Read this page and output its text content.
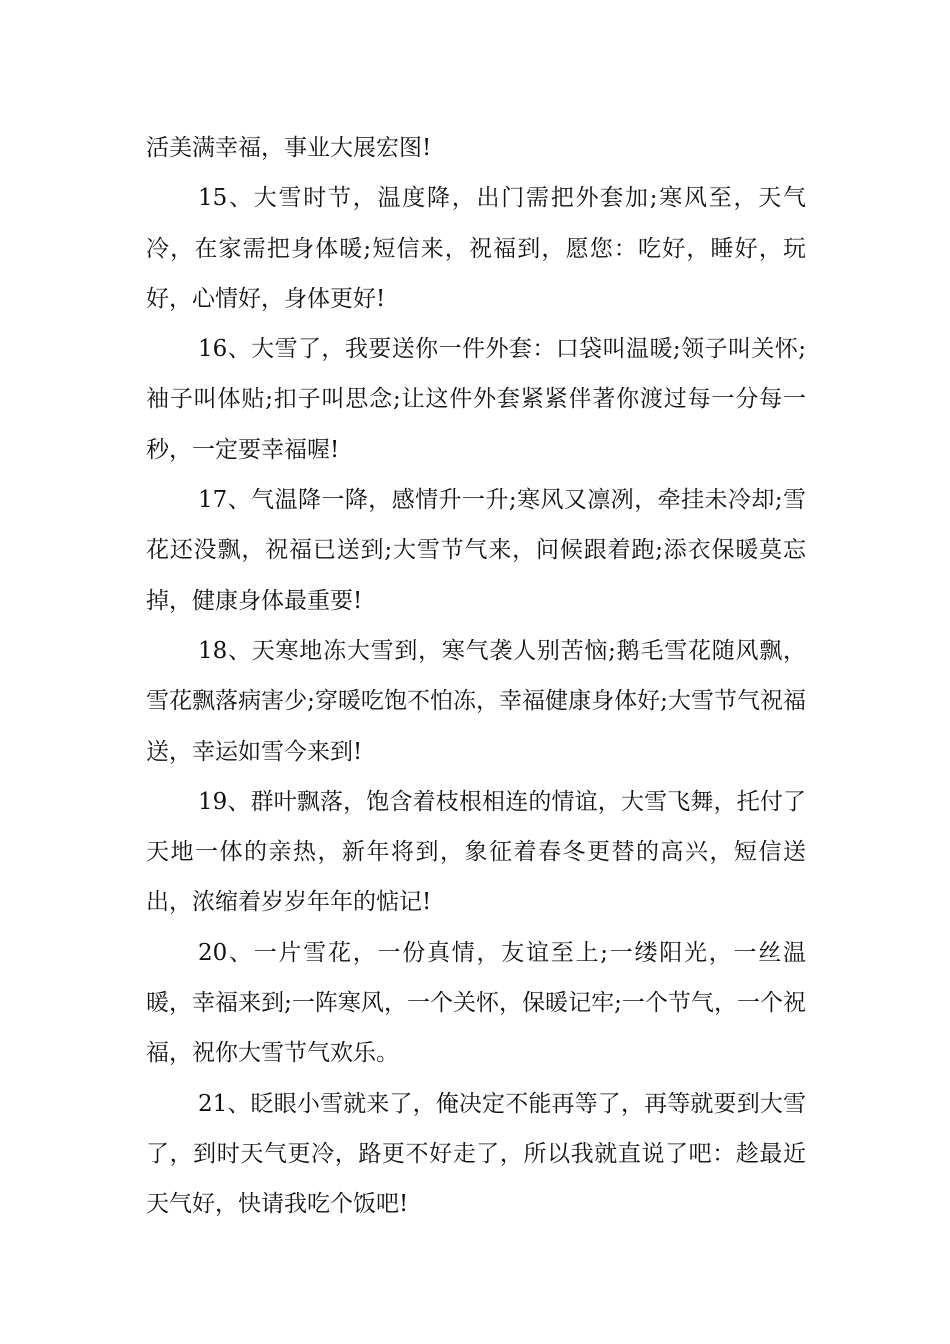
活美满幸福，事业大展宏图!

15、大雪时节，温度降，出门需把外套加;寒风至，天气冷，在家需把身体暖;短信来，祝福到，愿您：吃好，睡好，玩好，心情好，身体更好!

16、大雪了，我要送你一件外套：口袋叫温暖;领子叫关怀;袖子叫体贴;扣子叫思念;让这件外套紧紧伴著你渡过每一分每一秒，一定要幸福喔!

17、气温降一降，感情升一升;寒风又凛冽，牵挂未冷却;雪花还没飘，祝福已送到;大雪节气来，问候跟着跑;添衣保暖莫忘掉，健康身体最重要!

18、天寒地冻大雪到，寒气袭人别苦恼;鹅毛雪花随风飘，雪花飘落病害少;穿暖吃饱不怕冻，幸福健康身体好;大雪节气祝福送，幸运如雪今来到!

19、群叶飘落，饱含着枝根相连的情谊，大雪飞舞，托付了天地一体的亲热，新年将到，象征着春冬更替的高兴，短信送出，浓缩着岁岁年年的惦记!

20、一片雪花，一份真情，友谊至上;一缕阳光，一丝温暖，幸福来到;一阵寒风，一个关怀，保暖记牢;一个节气，一个祝福，祝你大雪节气欢乐。

21、眨眼小雪就来了，俺决定不能再等了，再等就要到大雪了，到时天气更冷，路更不好走了，所以我就直说了吧：趁最近天气好，快请我吃个饭吧!
